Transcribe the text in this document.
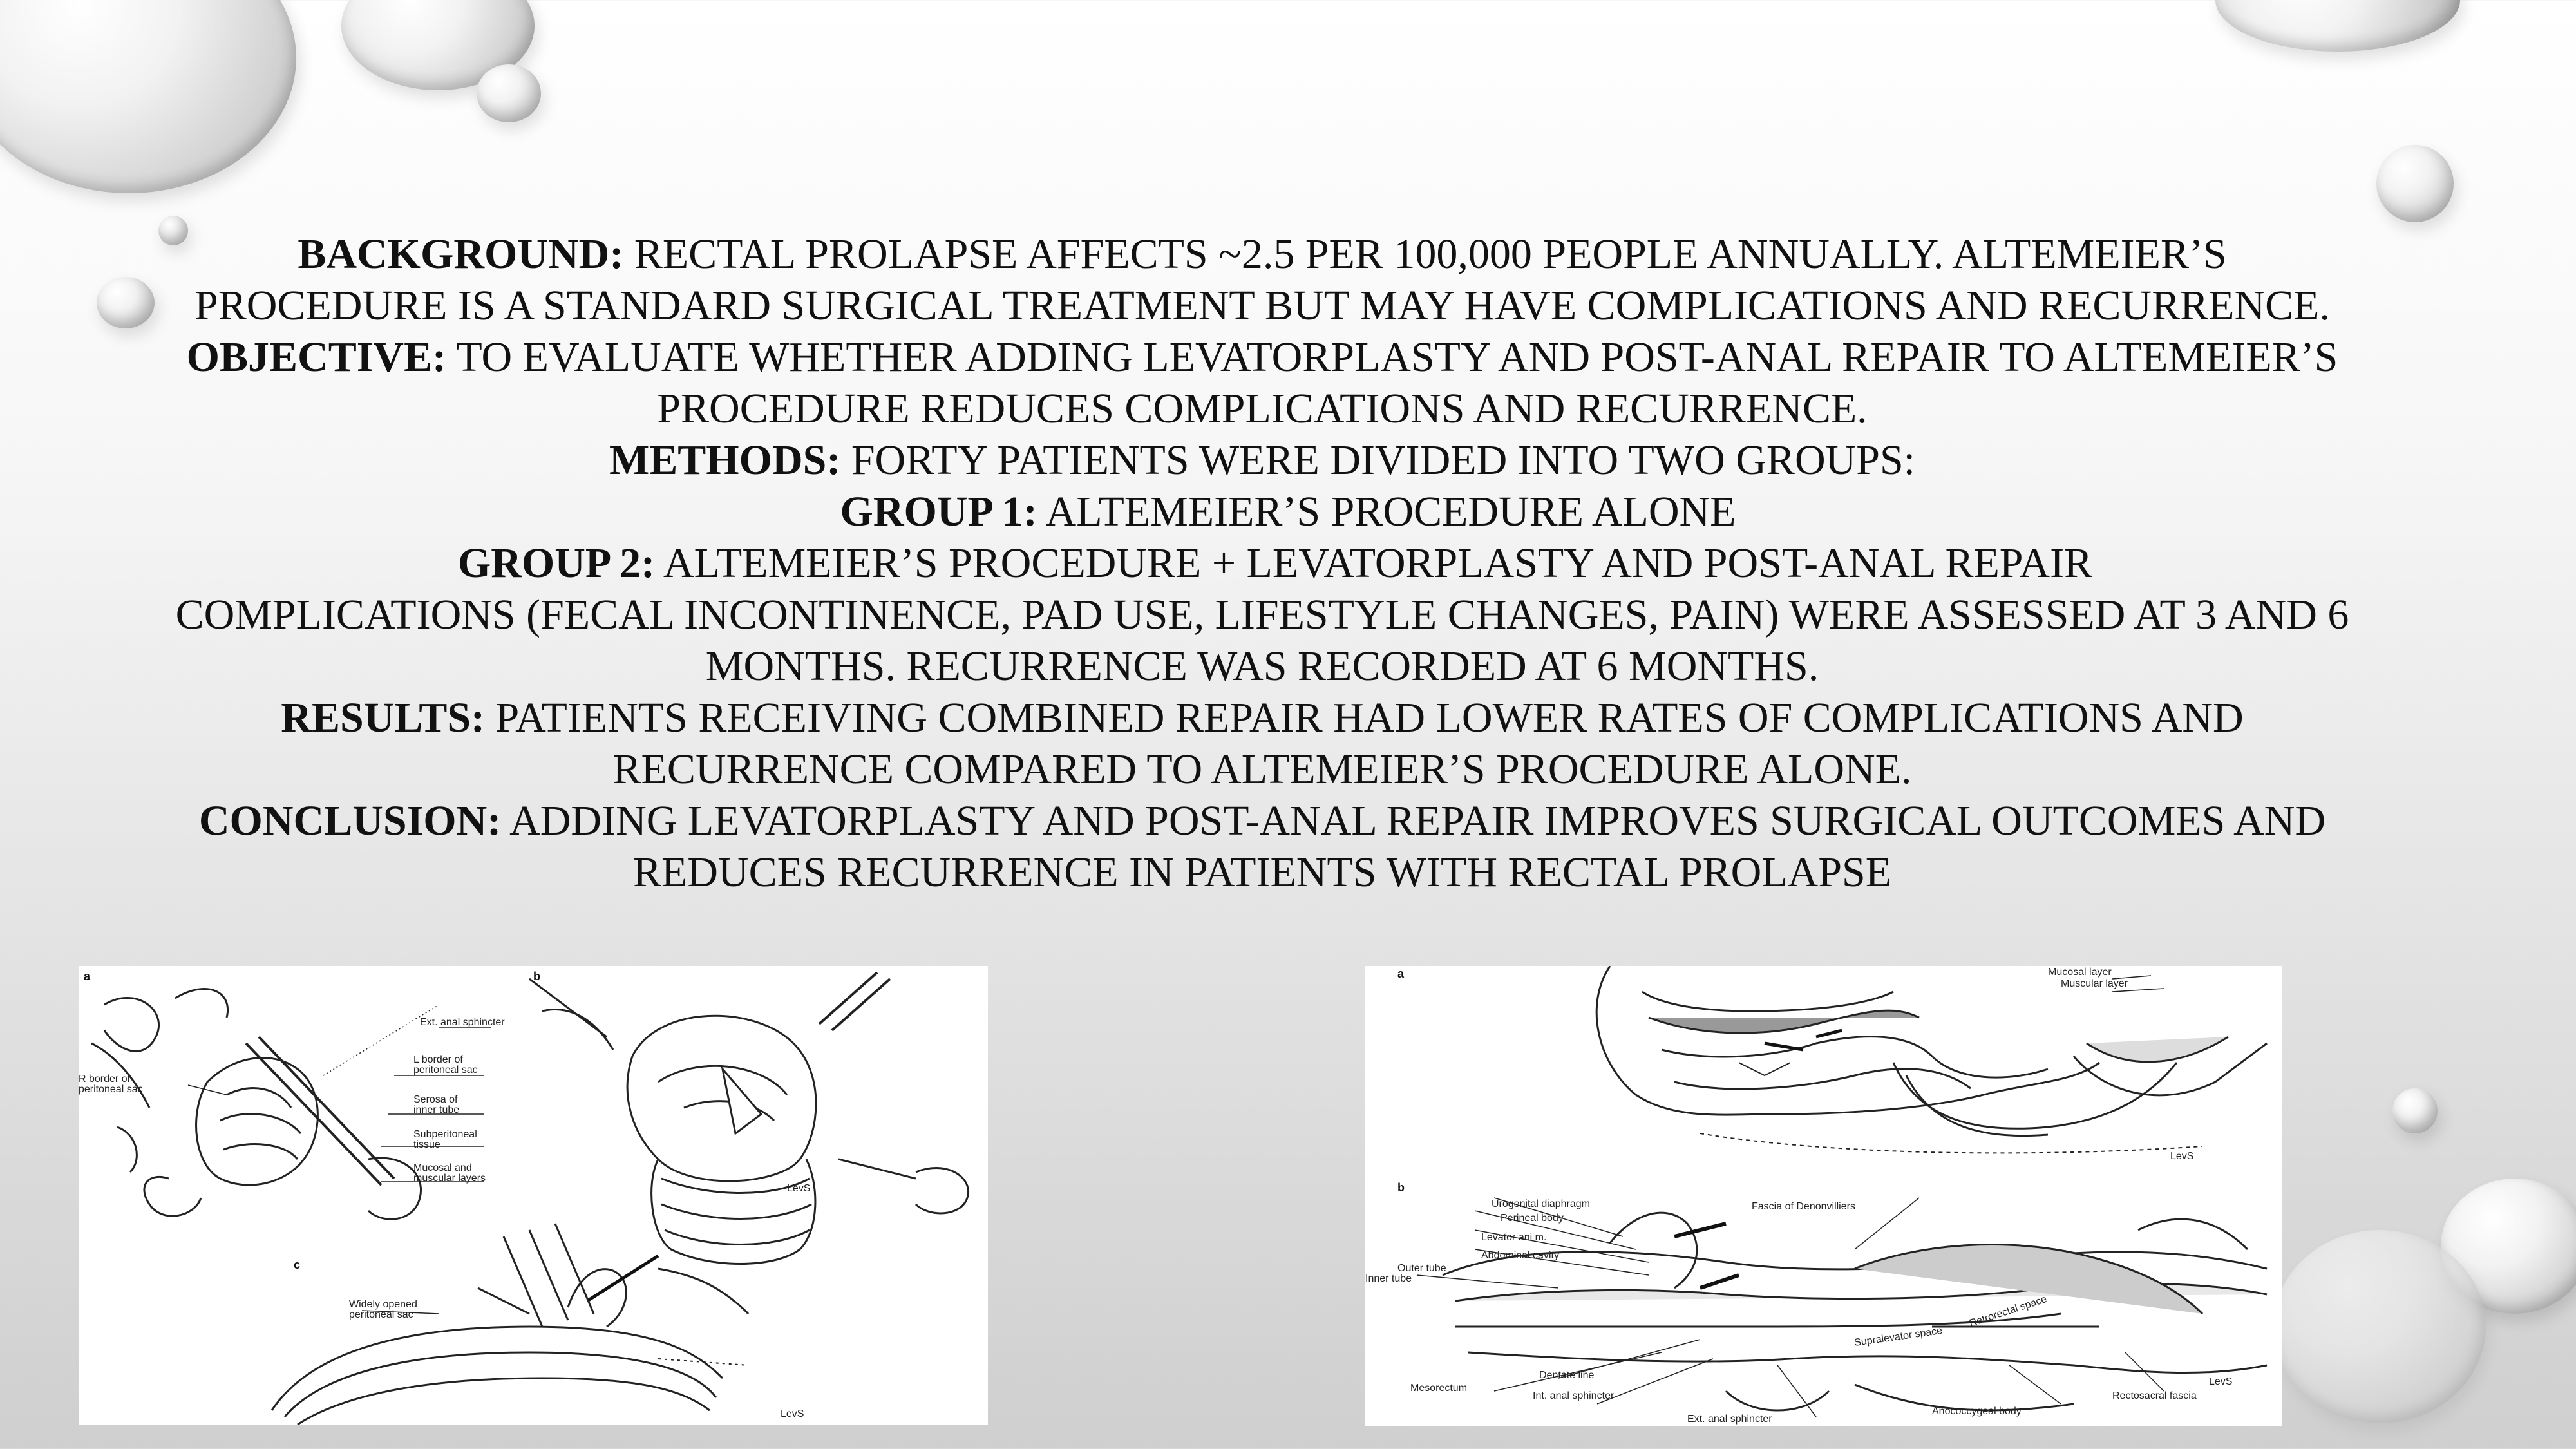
BACKGROUND: RECTAL PROLAPSE AFFECTS ~2.5 PER 100,000 PEOPLE ANNUALLY. ALTEMEIER’S PROCEDURE IS A STANDARD SURGICAL TREATMENT BUT MAY HAVE COMPLICATIONS AND RECURRENCE.

OBJECTIVE: TO EVALUATE WHETHER ADDING LEVATORPLASTY AND POST-ANAL REPAIR TO ALTEMEIER’S PROCEDURE REDUCES COMPLICATIONS AND RECURRENCE.

METHODS: FORTY PATIENTS WERE DIVIDED INTO TWO GROUPS:

GROUP 1: ALTEMEIER’S PROCEDURE ALONE

GROUP 2: ALTEMEIER’S PROCEDURE + LEVATORPLASTY AND POST-ANAL REPAIR

COMPLICATIONS (FECAL INCONTINENCE, PAD USE, LIFESTYLE CHANGES, PAIN) WERE ASSESSED AT 3 AND 6 MONTHS. RECURRENCE WAS RECORDED AT 6 MONTHS.

RESULTS: PATIENTS RECEIVING COMBINED REPAIR HAD LOWER RATES OF COMPLICATIONS AND RECURRENCE COMPARED TO ALTEMEIER’S PROCEDURE ALONE.

CONCLUSION: ADDING LEVATORPLASTY AND POST-ANAL REPAIR IMPROVES SURGICAL OUTCOMES AND REDUCES RECURRENCE IN PATIENTS WITH RECTAL PROLAPSE

a	b
c
Ext. anal sphincter
L border of
peritoneal sac
R border of
peritoneal sac
Serosa of
inner tube
Subperitoneal
tissue
Mucosal and
muscular layers
Widely opened
peritoneal sac
LevS
LevS
a
b
Mucosal layer
Muscular layer
Urogenital diaphragm	Fascia of Denonvilliers
Perineal body
Levator ani m.
Abdominal cavity
Outer tube
Inner tube
Retrorectal space
Supralevator space
Dentate line
Mesorectum
Int. anal sphincter
Ext. anal sphincter
Anococcygeal body
Rectosacral fascia
LevS
LevS
